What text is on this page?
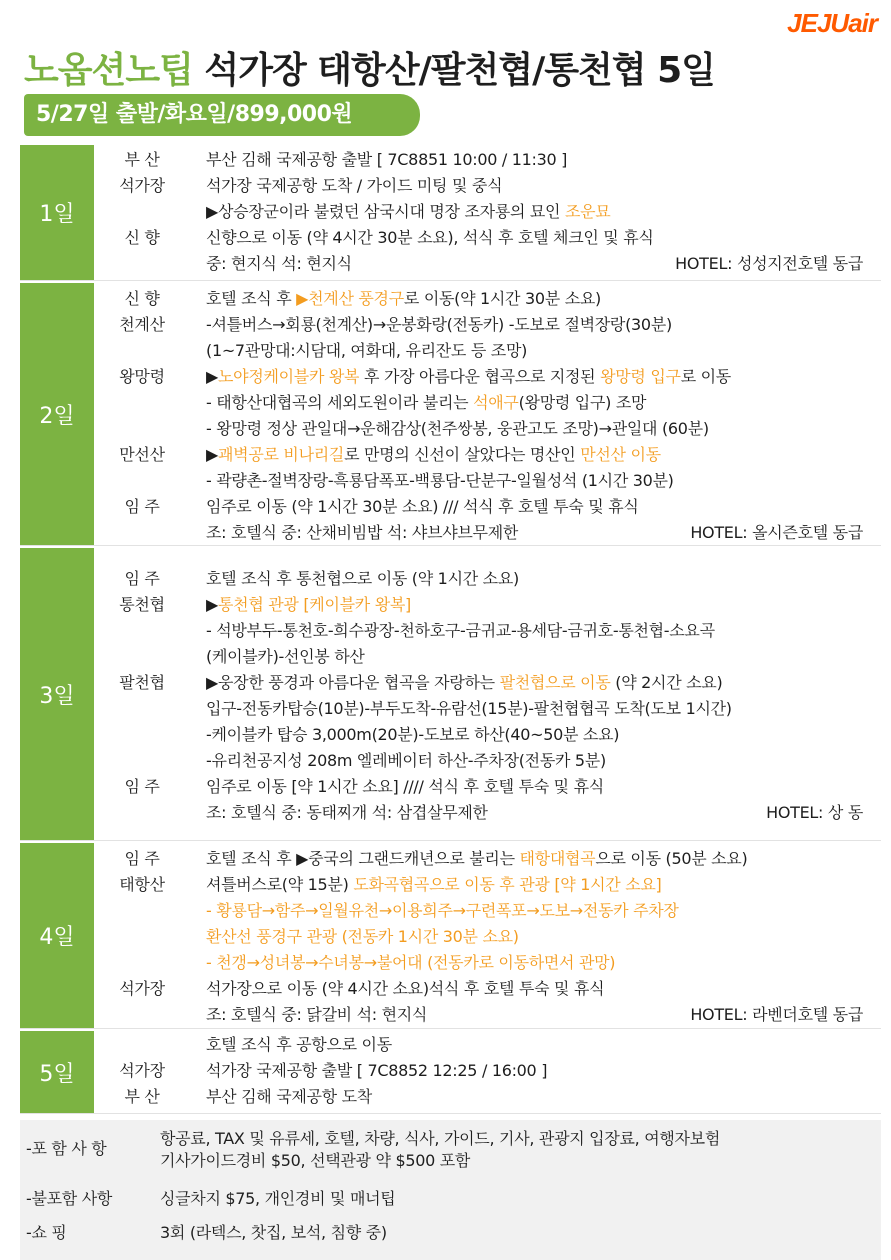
JEJUair
노옵션노팁 석가장 태항산/팔천협/통천협 5일
5/27일 출발/화요일/899,000원
1일
부 산	부산 김해 국제공항 출발 [ 7C8851 10:00 / 11:30 ]
석가장	석가장 국제공항 도착 / 가이드 미팅 및 중식
▶상승장군이라 불렸던 삼국시대 명장 조자룡의 묘인 조운묘
신 향	신향으로 이동 (약 4시간 30분 소요), 석식 후 호텔 체크인 및 휴식
중: 현지식 석: 현지식	HOTEL: 성성지전호텔 동급
2일
신 향	호텔 조식 후 ▶천계산 풍경구로 이동(약 1시간 30분 소요)
천계산	-셔틀버스→회룡(천계산)→운봉화랑(전동카) -도보로 절벽장랑(30분)
(1~7관망대:시담대, 여화대, 유리잔도 등 조망)
왕망령	▶노야정케이블카 왕복 후 가장 아름다운 협곡으로 지정된 왕망령 입구로 이동
- 태항산대협곡의 세외도원이라 불리는 석애구(왕망령 입구) 조망
- 왕망령 정상 관일대→운해감상(천주쌍봉, 웅관고도 조망)→관일대 (60분)
만선산	▶괘벽공로 비나리길로 만명의 신선이 살았다는 명산인 만선산 이동
- 곽량촌-절벽장랑-흑룡담폭포-백룡담-단분구-일월성석 (1시간 30분)
임 주	임주로 이동 (약 1시간 30분 소요) /// 석식 후 호텔 투숙 및 휴식
조: 호텔식 중: 산채비빔밥 석: 샤브샤브무제한	HOTEL: 올시즌호텔 동급
3일
임 주	호텔 조식 후 통천협으로 이동 (약 1시간 소요)
통천협	▶통천협 관광 [케이블카 왕복]
- 석방부두-통천호-희수광장-천하호구-금귀교-용세담-금귀호-통천협-소요곡
(케이블카)-선인봉 하산
팔천협	▶웅장한 풍경과 아름다운 협곡을 자랑하는 팔천협으로 이동 (약 2시간 소요)
입구-전동카탑승(10분)-부두도착-유람선(15분)-팔천협협곡 도착(도보 1시간)
-케이블카 탑승 3,000m(20분)-도보로 하산(40~50분 소요)
-유리천공지성 208m 엘레베이터 하산-주차장(전동카 5분)
임 주	임주로 이동 [약 1시간 소요] //// 석식 후 호텔 투숙 및 휴식
조: 호텔식 중: 동태찌개 석: 삼겹살무제한	HOTEL: 상 동
4일
임 주	호텔 조식 후 ▶중국의 그랜드캐년으로 불리는 태항대협곡으로 이동 (50분 소요)
태항산	셔틀버스로(약 15분) 도화곡협곡으로 이동 후 관광 [약 1시간 소요]
- 황룡담→함주→일월유천→이용희주→구련폭포→도보→전동카 주차장
환산선 풍경구 관광 (전동카 1시간 30분 소요)
- 천갱→성녀봉→수녀봉→불어대 (전동카로 이동하면서 관망)
석가장	석가장으로 이동 (약 4시간 소요)석식 후 호텔 투숙 및 휴식
조: 호텔식 중: 닭갈비 석: 현지식	HOTEL: 라벤더호텔 동급
5일
호텔 조식 후 공항으로 이동
석가장	석가장 국제공항 출발 [ 7C8852 12:25 / 16:00 ]
부 산	부산 김해 국제공항 도착
-포 함 사 항
항공료, TAX 및 유류세, 호텔, 차량, 식사, 가이드, 기사, 관광지 입장료, 여행자보험
기사가이드경비 $50, 선택관광 약 $500 포함
-불포함 사항	싱글차지 $75, 개인경비 및 매너팁
-쇼 핑	3회 (라텍스, 찻집, 보석, 침향 중)
